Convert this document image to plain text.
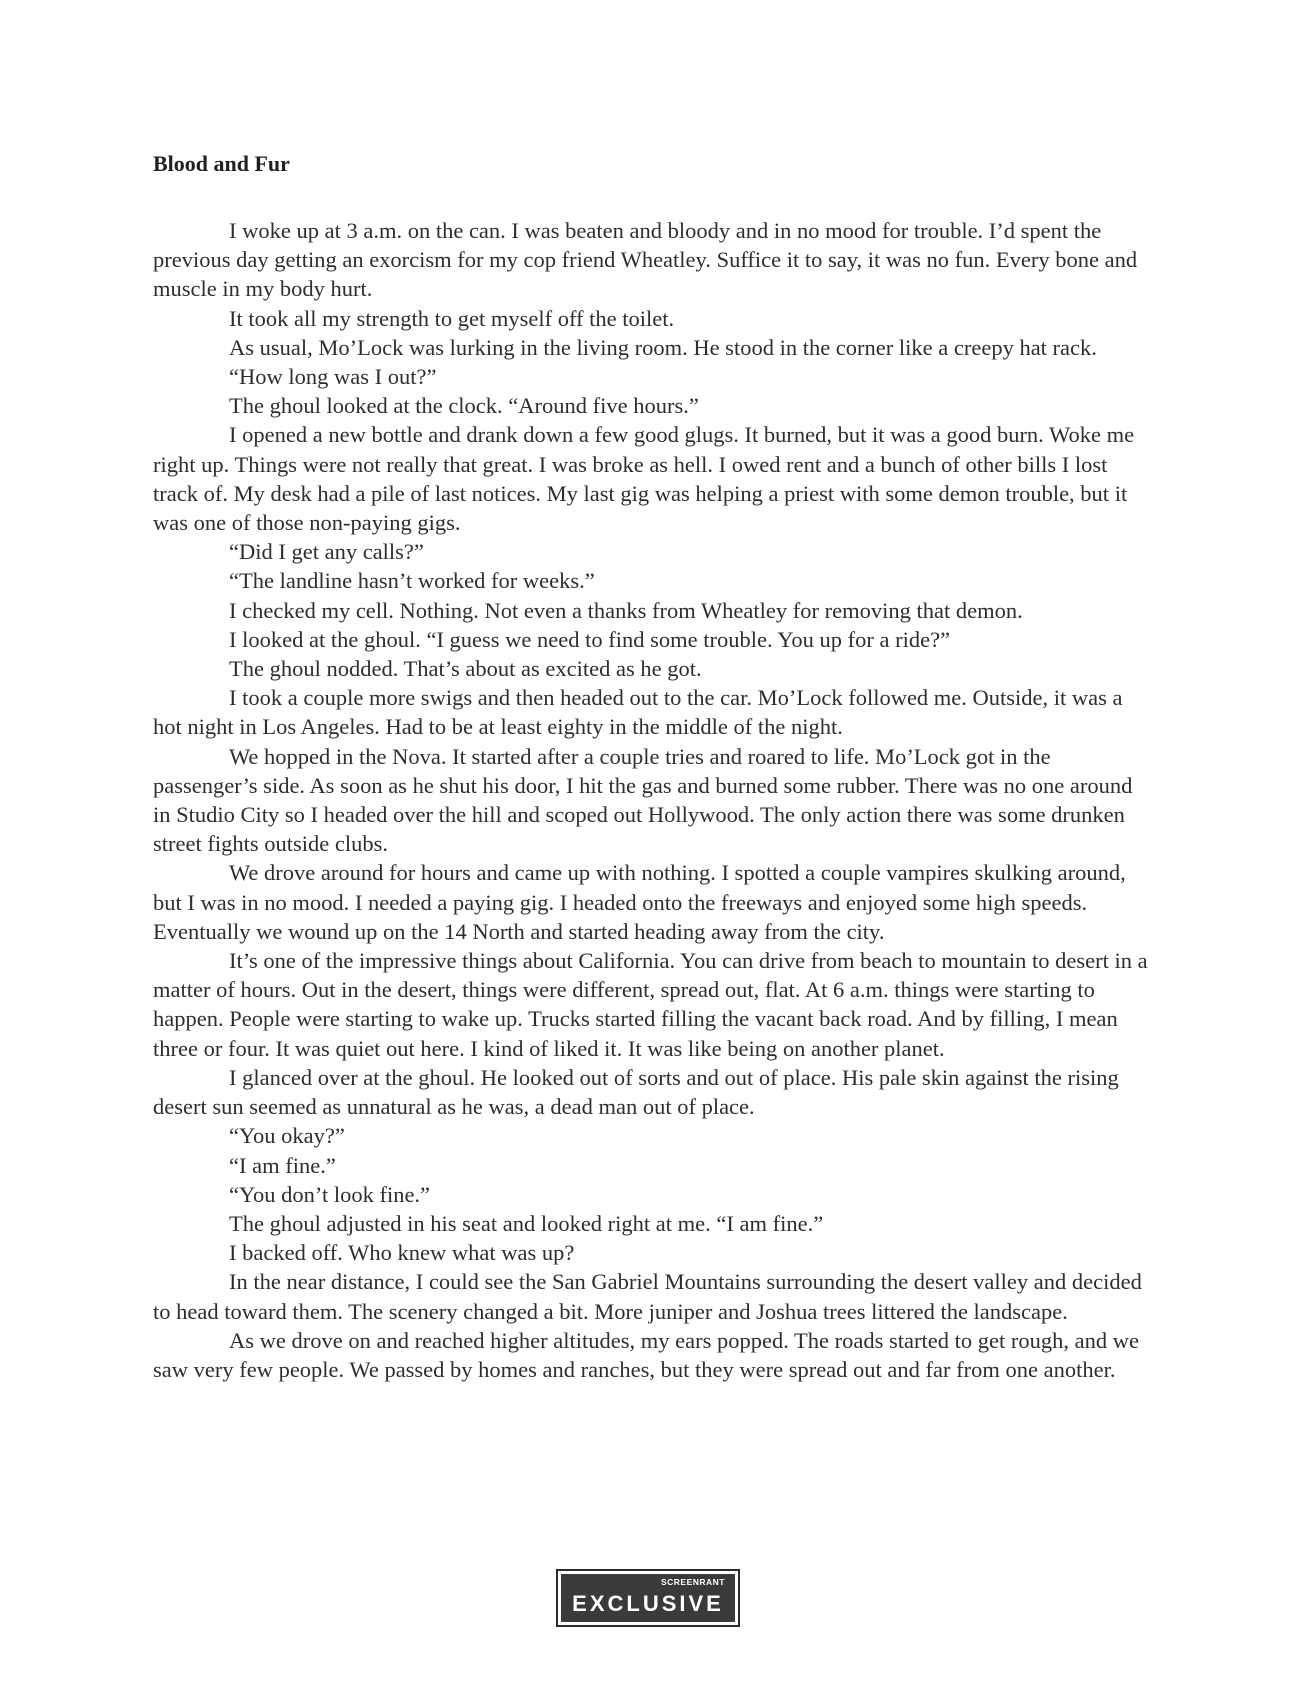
Blood and Fur

I woke up at 3 a.m. on the can. I was beaten and bloody and in no mood for trouble. I’d spent the previous day getting an exorcism for my cop friend Wheatley. Suffice it to say, it was no fun. Every bone and muscle in my body hurt.

It took all my strength to get myself off the toilet.

As usual, Mo’Lock was lurking in the living room. He stood in the corner like a creepy hat rack.

“How long was I out?”

The ghoul looked at the clock. “Around five hours.”

I opened a new bottle and drank down a few good glugs. It burned, but it was a good burn. Woke me right up. Things were not really that great. I was broke as hell. I owed rent and a bunch of other bills I lost track of. My desk had a pile of last notices. My last gig was helping a priest with some demon trouble, but it was one of those non-paying gigs.

“Did I get any calls?”

“The landline hasn’t worked for weeks.”

I checked my cell. Nothing. Not even a thanks from Wheatley for removing that demon.

I looked at the ghoul. “I guess we need to find some trouble. You up for a ride?”

The ghoul nodded. That’s about as excited as he got.

I took a couple more swigs and then headed out to the car. Mo’Lock followed me. Outside, it was a hot night in Los Angeles. Had to be at least eighty in the middle of the night.

We hopped in the Nova. It started after a couple tries and roared to life. Mo’Lock got in the passenger’s side. As soon as he shut his door, I hit the gas and burned some rubber. There was no one around in Studio City so I headed over the hill and scoped out Hollywood. The only action there was some drunken street fights outside clubs.

We drove around for hours and came up with nothing. I spotted a couple vampires skulking around, but I was in no mood. I needed a paying gig. I headed onto the freeways and enjoyed some high speeds. Eventually we wound up on the 14 North and started heading away from the city.

It’s one of the impressive things about California. You can drive from beach to mountain to desert in a matter of hours. Out in the desert, things were different, spread out, flat. At 6 a.m. things were starting to happen. People were starting to wake up. Trucks started filling the vacant back road. And by filling, I mean three or four. It was quiet out here. I kind of liked it. It was like being on another planet.

I glanced over at the ghoul. He looked out of sorts and out of place. His pale skin against the rising desert sun seemed as unnatural as he was, a dead man out of place.

“You okay?”

“I am fine.”

“You don’t look fine.”

The ghoul adjusted in his seat and looked right at me. “I am fine.”

I backed off. Who knew what was up?

In the near distance, I could see the San Gabriel Mountains surrounding the desert valley and decided to head toward them. The scenery changed a bit. More juniper and Joshua trees littered the landscape.

As we drove on and reached higher altitudes, my ears popped. The roads started to get rough, and we saw very few people. We passed by homes and ranches, but they were spread out and far from one another.

SCREENRANT
EXCLUSIVE
